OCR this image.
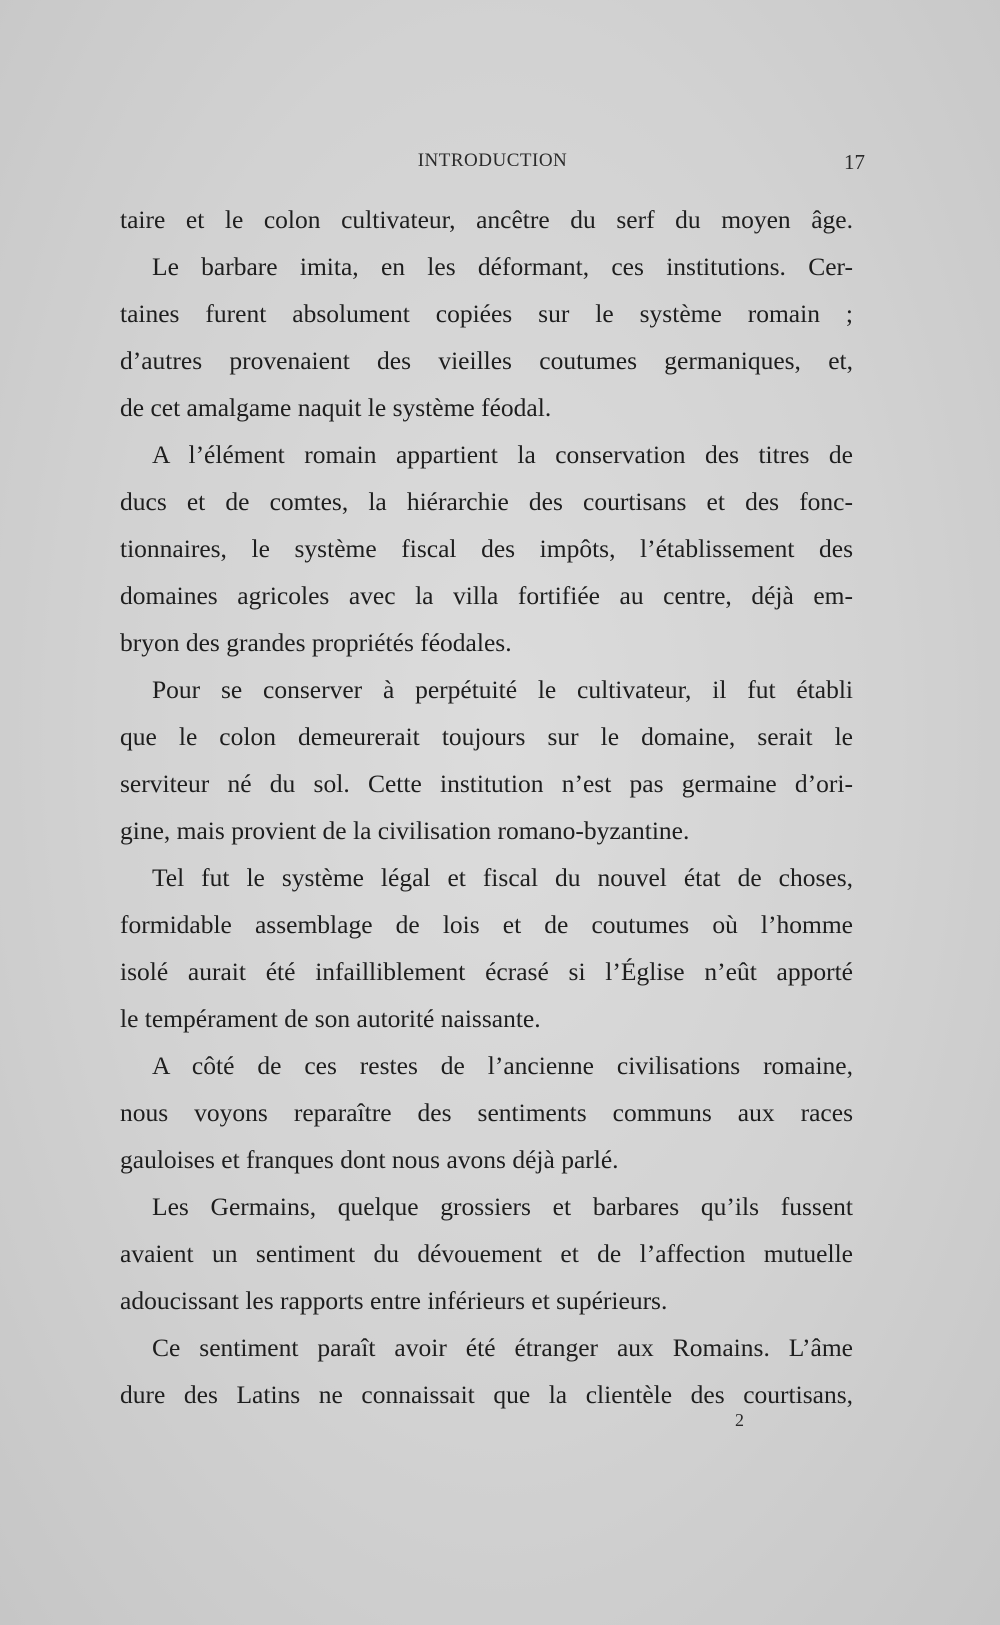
INTRODUCTION	17
taire et le colon cultivateur, ancêtre du serf du moyen âge.
Le barbare imita, en les déformant, ces institutions. Cer-
taines furent absolument copiées sur le système romain ;
d’autres provenaient des vieilles coutumes germaniques, et,
de cet amalgame naquit le système féodal.
A l’élément romain appartient la conservation des titres de
ducs et de comtes, la hiérarchie des courtisans et des fonc-
tionnaires, le système fiscal des impôts, l’établissement des
domaines agricoles avec la villa fortifiée au centre, déjà em-
bryon des grandes propriétés féodales.
Pour se conserver à perpétuité le cultivateur, il fut établi
que le colon demeurerait toujours sur le domaine, serait le
serviteur né du sol. Cette institution n’est pas germaine d’ori-
gine, mais provient de la civilisation romano-byzantine.
Tel fut le système légal et fiscal du nouvel état de choses,
formidable assemblage de lois et de coutumes où l’homme
isolé aurait été infailliblement écrasé si l’Église n’eût apporté
le tempérament de son autorité naissante.
A côté de ces restes de l’ancienne civilisations romaine,
nous voyons reparaître des sentiments communs aux races
gauloises et franques dont nous avons déjà parlé.
Les Germains, quelque grossiers et barbares qu’ils fussent
avaient un sentiment du dévouement et de l’affection mutuelle
adoucissant les rapports entre inférieurs et supérieurs.
Ce sentiment paraît avoir été étranger aux Romains. L’âme
dure des Latins ne connaissait que la clientèle des courtisans,
2
